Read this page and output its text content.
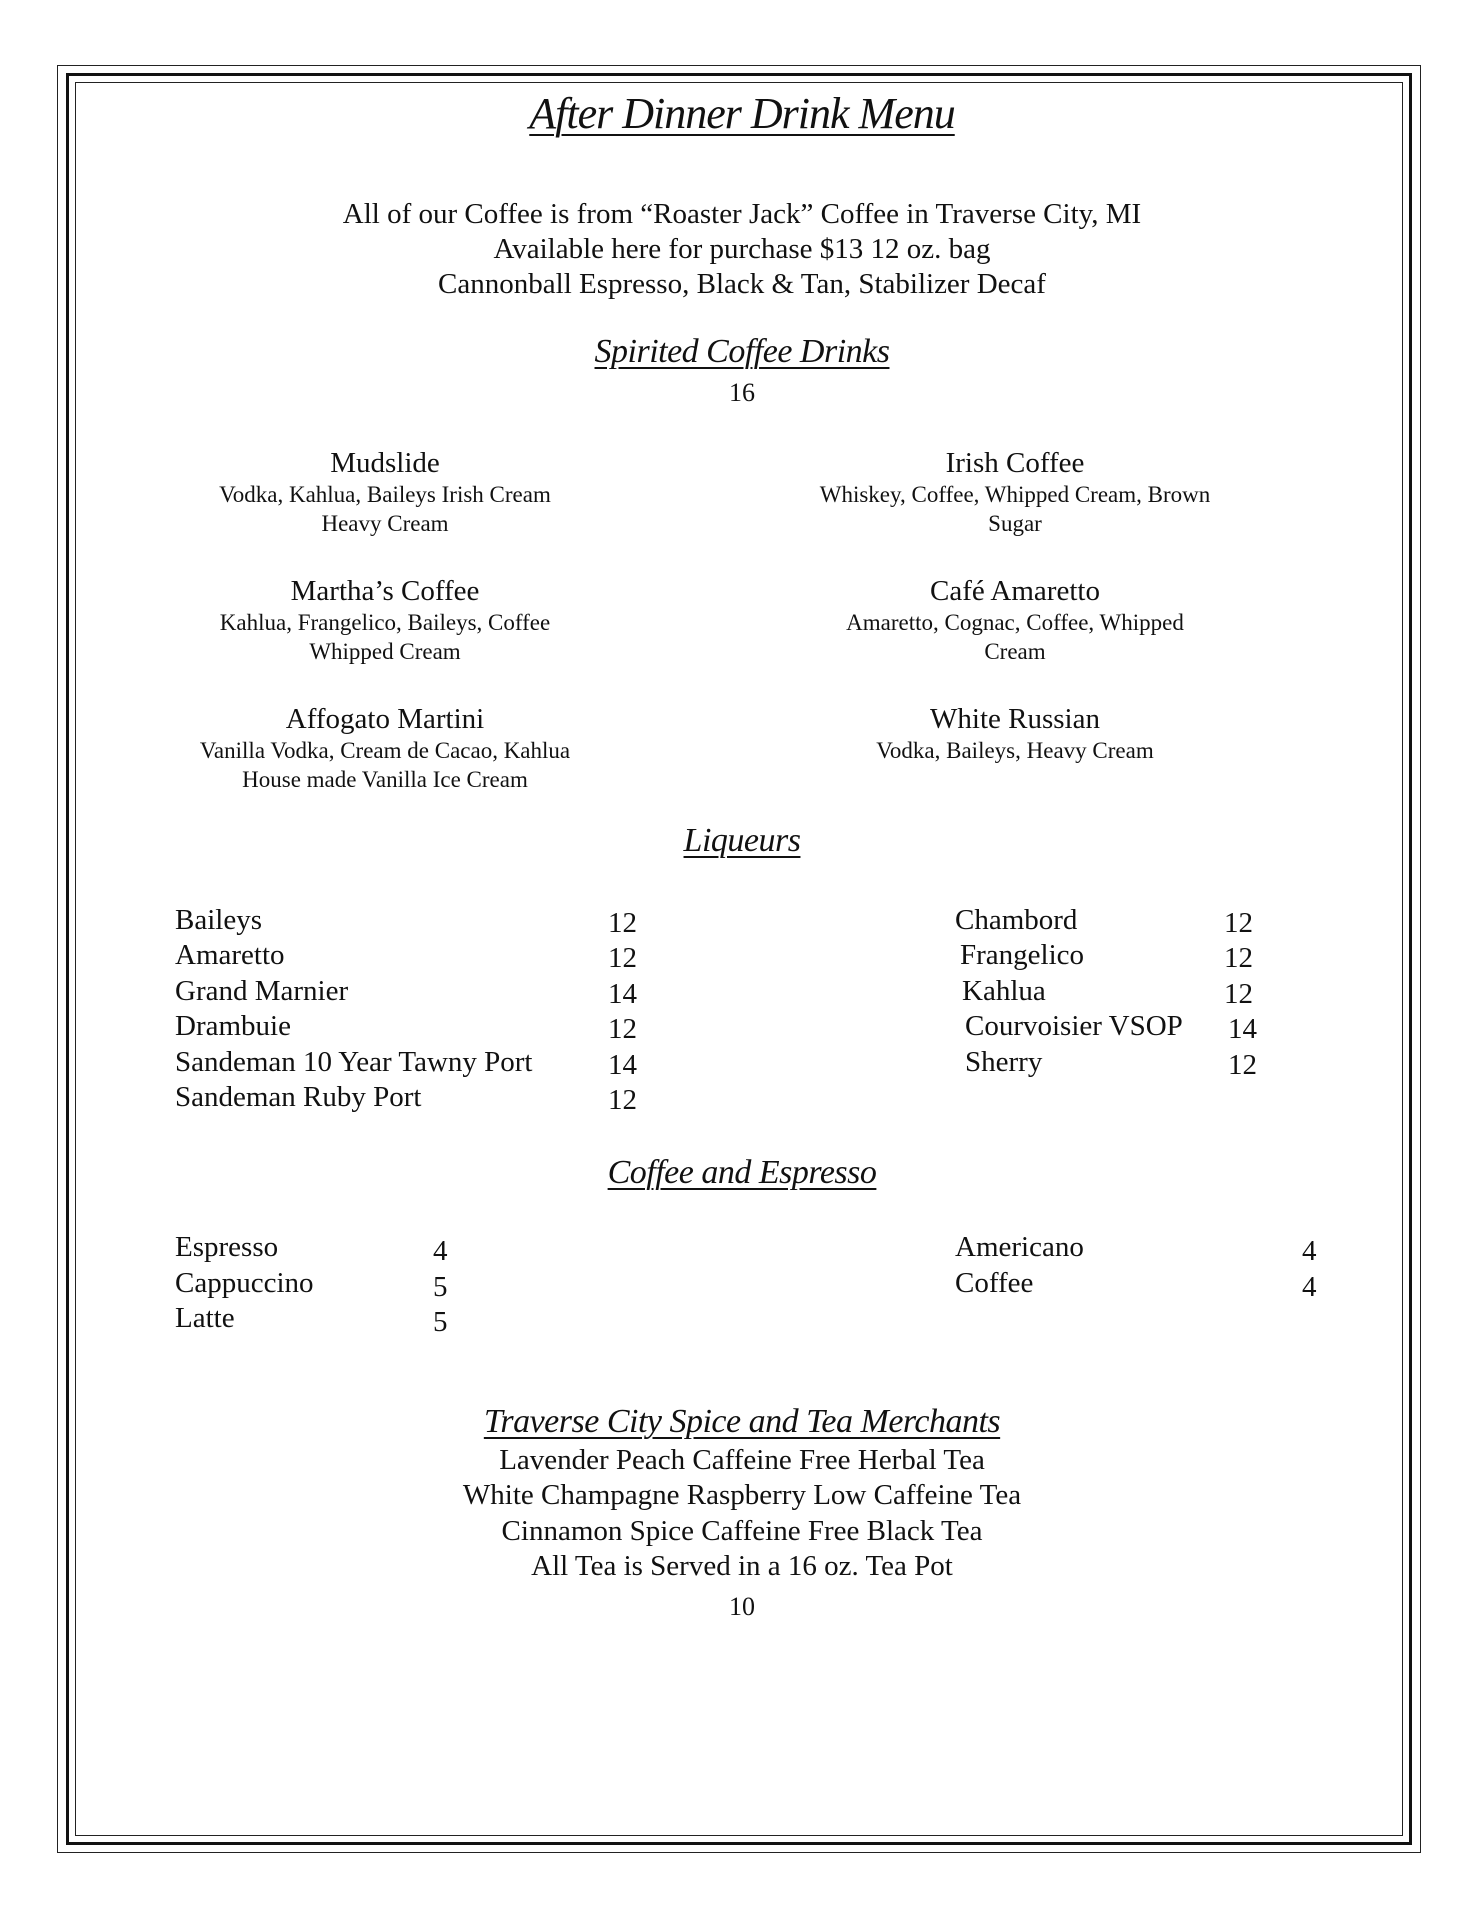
After Dinner Drink Menu
All of our Coffee is from “Roaster Jack” Coffee in Traverse City, MI
Available here for purchase $13 12 oz. bag
Cannonball Espresso, Black & Tan, Stabilizer Decaf
Spirited Coffee Drinks
16
Mudslide
Vodka, Kahlua, Baileys Irish Cream
Heavy Cream
Martha’s Coffee
Kahlua, Frangelico, Baileys, Coffee
Whipped Cream
Affogato Martini
Vanilla Vodka, Cream de Cacao, Kahlua
House made Vanilla Ice Cream
Irish Coffee
Whiskey, Coffee, Whipped Cream, Brown
Sugar
Café Amaretto
Amaretto, Cognac, Coffee, Whipped
Cream
White Russian
Vodka, Baileys, Heavy Cream
Liqueurs
Baileys	12
Amaretto	12
Grand Marnier	14
Drambuie	12
Sandeman 10 Year Tawny Port	14
Sandeman Ruby Port	12
Chambord	12
Frangelico	12
Kahlua	12
Courvoisier VSOP 14
Sherry	12
Coffee and Espresso
Espresso	4
Cappuccino	5
Latte	5
Americano	4
Coffee	4
Traverse City Spice and Tea Merchants
Lavender Peach Caffeine Free Herbal Tea
White Champagne Raspberry Low Caffeine Tea
Cinnamon Spice Caffeine Free Black Tea
All Tea is Served in a 16 oz. Tea Pot
10
